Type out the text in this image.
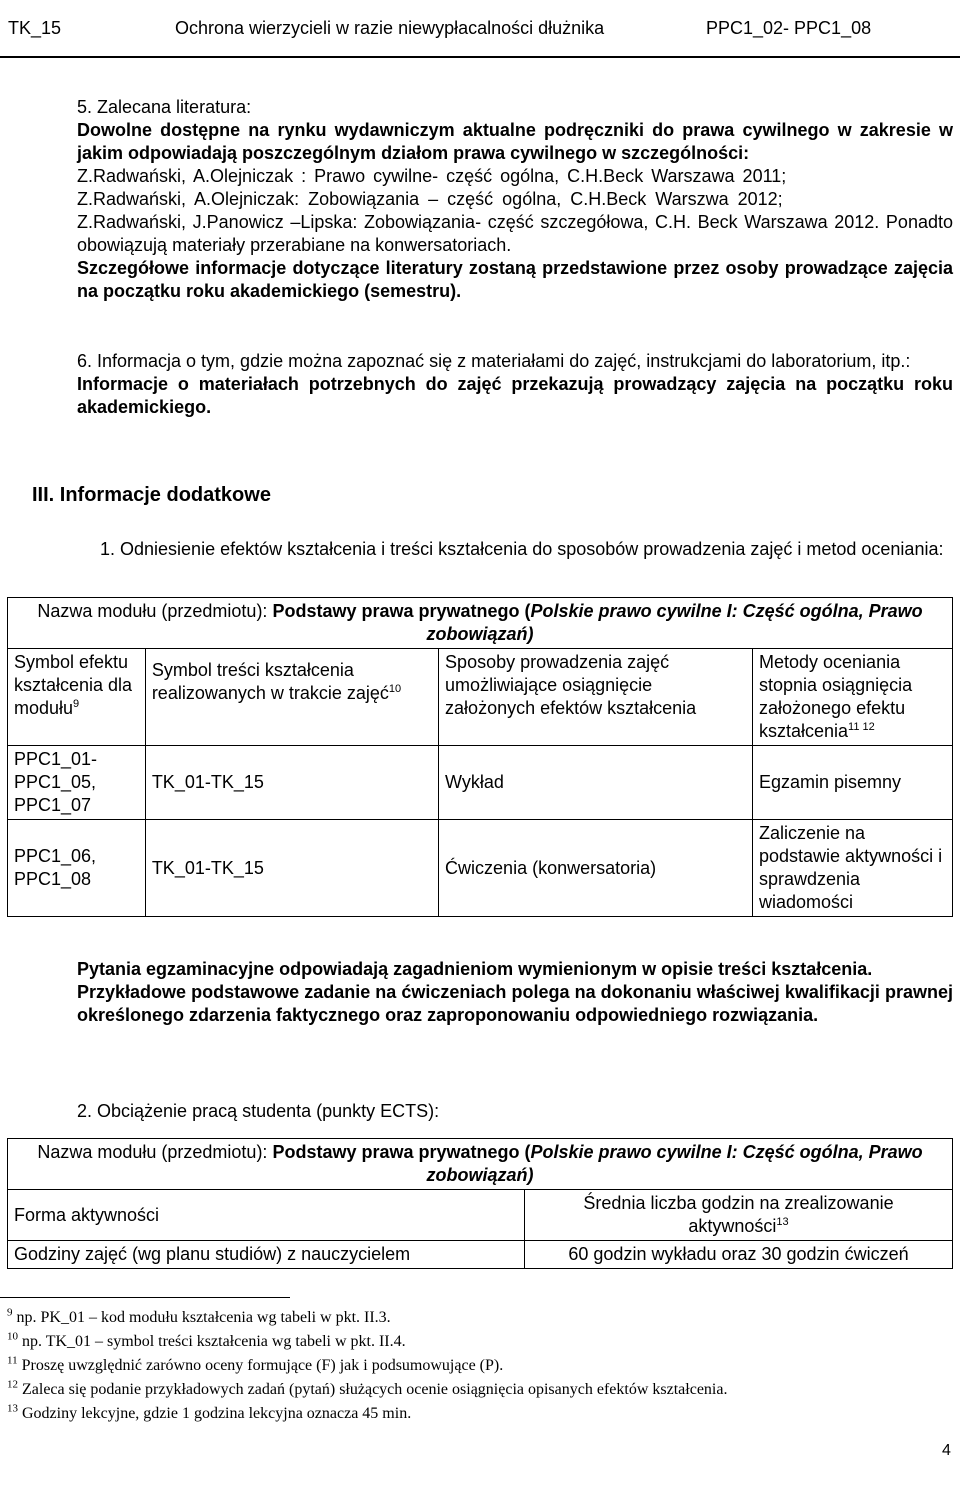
TK_15	Ochrona wierzycieli w razie niewypłacalności dłużnika	PPC1_02- PPC1_08
5. Zalecana literatura:
Dowolne dostępne na rynku wydawniczym aktualne podręczniki do prawa cywilnego w zakresie w jakim odpowiadają poszczególnym działom prawa cywilnego w szczególności:
Z.Radwański, A.Olejniczak : Prawo cywilne- część ogólna, C.H.Beck Warszawa 2011;
Z.Radwański, A.Olejniczak: Zobowiązania – część ogólna, C.H.Beck Warszwa 2012;
Z.Radwański, J.Panowicz –Lipska: Zobowiązania- część szczegółowa, C.H. Beck Warszawa 2012. Ponadto obowiązują materiały przerabiane na konwersatoriach.
Szczegółowe informacje dotyczące literatury zostaną przedstawione przez osoby prowadzące zajęcia na początku roku akademickiego (semestru).
6. Informacja o tym, gdzie można zapoznać się z materiałami do zajęć, instrukcjami do laboratorium, itp.:
Informacje o materiałach potrzebnych do zajęć przekazują prowadzący zajęcia na początku roku akademickiego.
III. Informacje dodatkowe
1. Odniesienie efektów kształcenia i treści kształcenia do sposobów prowadzenia zajęć i metod oceniania:
Nazwa modułu (przedmiotu): Podstawy prawa prywatnego (Polskie prawo cywilne I: Część ogólna, Prawo zobowiązań)			
Symbol efektu kształcenia dla modułu$^9$	Symbol treści kształcenia realizowanych w trakcie zajęć$^{10}$	Sposoby prowadzenia zajęć umożliwiające osiągnięcie założonych efektów kształcenia	Metody oceniania stopnia osiągnięcia założonego efektu kształcenia$^{11 12}$
PPC1_01- PPC1_05, PPC1_07	TK_01-TK_15	Wykład	Egzamin pisemny
PPC1_06, PPC1_08	TK_01-TK_15	Ćwiczenia (konwersatoria)	Zaliczenie na podstawie aktywności i sprawdzenia wiadomości
Pytania egzaminacyjne odpowiadają zagadnieniom wymienionym w opisie treści kształcenia.
Przykładowe podstawowe zadanie na ćwiczeniach polega na dokonaniu właściwej kwalifikacji prawnej określonego zdarzenia faktycznego oraz zaproponowaniu odpowiedniego rozwiązania.
2. Obciążenie pracą studenta (punkty ECTS):
Nazwa modułu (przedmiotu): Podstawy prawa prywatnego (Polskie prawo cywilne I: Część ogólna, Prawo zobowiązań)	
Forma aktywności	Średnia liczba godzin na zrealizowanie aktywności$^{13}$
Godziny zajęć (wg planu studiów) z nauczycielem	60 godzin wykładu oraz 30 godzin ćwiczeń
$^9$ np. PK_01 – kod modułu kształcenia wg tabeli w pkt. II.3.
$^{10}$ np. TK_01 – symbol treści kształcenia wg tabeli w pkt. II.4.
$^{11}$ Proszę uwzględnić zarówno oceny formujące (F) jak i podsumowujące (P).
$^{12}$ Zaleca się podanie przykładowych zadań (pytań) służących ocenie osiągnięcia opisanych efektów kształcenia.
$^{13}$ Godziny lekcyjne, gdzie 1 godzina lekcyjna oznacza 45 min.
4
